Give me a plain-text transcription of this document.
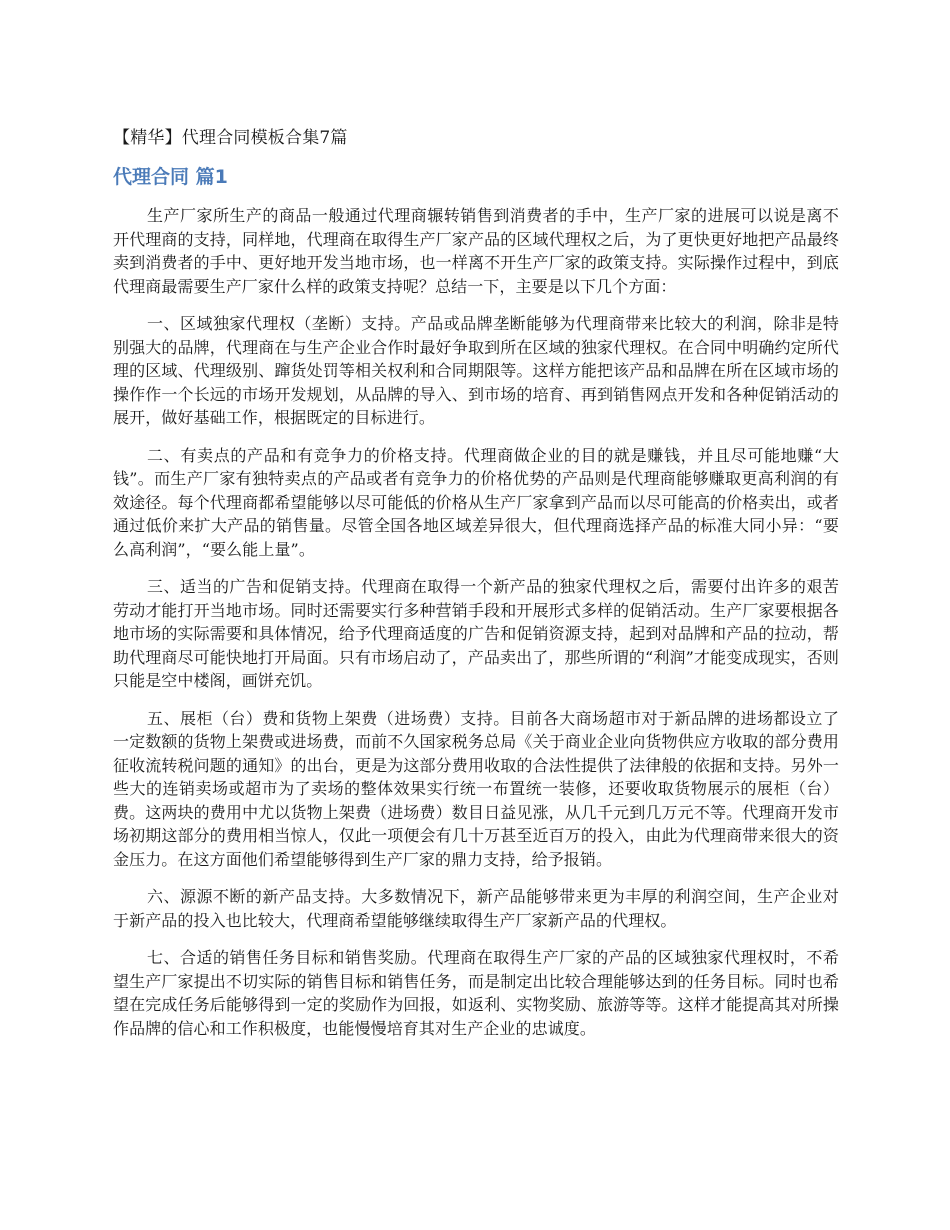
【精华】代理合同模板合集7篇

代理合同 篇1

生产厂家所生产的商品一般通过代理商辗转销售到消费者的手中，生产厂家的进展可以说是离不开代理商的支持，同样地，代理商在取得生产厂家产品的区域代理权之后，为了更快更好地把产品最终卖到消费者的手中、更好地开发当地市场，也一样离不开生产厂家的政策支持。实际操作过程中，到底代理商最需要生产厂家什么样的政策支持呢？总结一下，主要是以下几个方面：

一、区域独家代理权（垄断）支持。产品或品牌垄断能够为代理商带来比较大的利润，除非是特别强大的品牌，代理商在与生产企业合作时最好争取到所在区域的独家代理权。在合同中明确约定所代理的区域、代理级别、蹿货处罚等相关权利和合同期限等。这样方能把该产品和品牌在所在区域市场的操作作一个长远的市场开发规划，从品牌的导入、到市场的培育、再到销售网点开发和各种促销活动的展开，做好基础工作，根据既定的目标进行。

二、有卖点的产品和有竞争力的价格支持。代理商做企业的目的就是赚钱，并且尽可能地赚“大钱”。而生产厂家有独特卖点的产品或者有竞争力的价格优势的产品则是代理商能够赚取更高利润的有效途径。每个代理商都希望能够以尽可能低的价格从生产厂家拿到产品而以尽可能高的价格卖出，或者通过低价来扩大产品的销售量。尽管全国各地区域差异很大，但代理商选择产品的标准大同小异：“要么高利润”，“要么能上量”。

三、适当的广告和促销支持。代理商在取得一个新产品的独家代理权之后，需要付出许多的艰苦劳动才能打开当地市场。同时还需要实行多种营销手段和开展形式多样的促销活动。生产厂家要根据各地市场的实际需要和具体情况，给予代理商适度的广告和促销资源支持，起到对品牌和产品的拉动，帮助代理商尽可能快地打开局面。只有市场启动了，产品卖出了，那些所谓的“利润”才能变成现实，否则只能是空中楼阁，画饼充饥。

五、展柜（台）费和货物上架费（进场费）支持。目前各大商场超市对于新品牌的进场都设立了一定数额的货物上架费或进场费，而前不久国家税务总局《关于商业企业向货物供应方收取的部分费用征收流转税问题的通知》的出台，更是为这部分费用收取的合法性提供了法律般的依据和支持。另外一些大的连销卖场或超市为了卖场的整体效果实行统一布置统一装修，还要收取货物展示的展柜（台）费。这两块的费用中尤以货物上架费（进场费）数目日益见涨，从几千元到几万元不等。代理商开发市场初期这部分的费用相当惊人，仅此一项便会有几十万甚至近百万的投入，由此为代理商带来很大的资金压力。在这方面他们希望能够得到生产厂家的鼎力支持，给予报销。

六、源源不断的新产品支持。大多数情况下，新产品能够带来更为丰厚的利润空间，生产企业对于新产品的投入也比较大，代理商希望能够继续取得生产厂家新产品的代理权。

七、合适的销售任务目标和销售奖励。代理商在取得生产厂家的产品的区域独家代理权时，不希望生产厂家提出不切实际的销售目标和销售任务，而是制定出比较合理能够达到的任务目标。同时也希望在完成任务后能够得到一定的奖励作为回报，如返利、实物奖励、旅游等等。这样才能提高其对所操作品牌的信心和工作积极度，也能慢慢培育其对生产企业的忠诚度。
